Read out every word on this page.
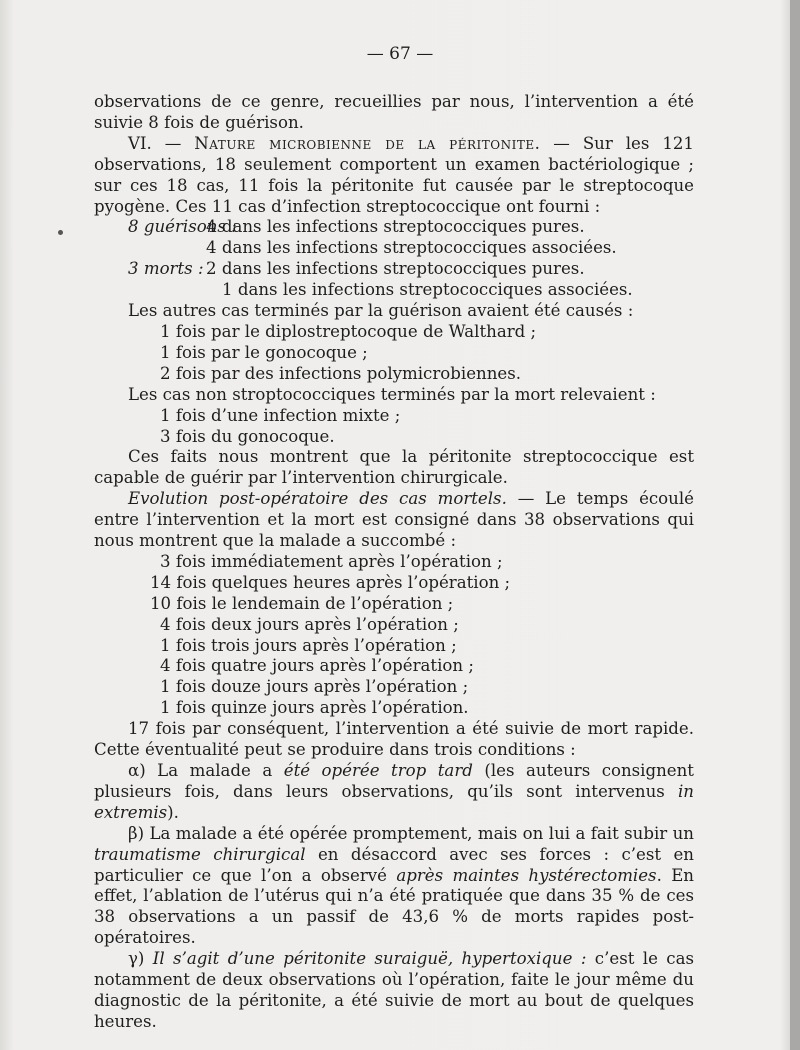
— 67 —

observations de ce genre, recueillies par nous, l’intervention a été suivie 8 fois de guérison.

VI. — Nature microbienne de la péritonite. — Sur les 121 observations, 18 seulement comportent un examen bactériologique ; sur ces 18 cas, 11 fois la péritonite fut causée par le streptocoque pyogène. Ces 11 cas d’infection streptococcique ont fourni :

8 guérisons :4 dans les infections streptococciques pures.

4 dans les infections streptococciques associées.

3 morts : 2 dans les infections streptococciques pures.

1 dans les infections streptococciques associées.

Les autres cas terminés par la guérison avaient été causés :

1 fois par le diplostreptocoque de Walthard ;

1 fois par le gonocoque ;

2 fois par des infections polymicrobiennes.

Les cas non stroptococciques terminés par la mort relevaient :

1 fois d’une infection mixte ;

3 fois du gonocoque.

Ces faits nous montrent que la péritonite streptococcique est capable de guérir par l’intervention chirurgicale.

Evolution post-opératoire des cas mortels. — Le temps écoulé entre l’intervention et la mort est consigné dans 38 observations qui nous montrent que la malade a succombé :

3 fois immédiatement après l’opération ;

14 fois quelques heures après l’opération ;

10 fois le lendemain de l’opération ;

4 fois deux jours après l’opération ;

1 fois trois jours après l’opération ;

4 fois quatre jours après l’opération ;

1 fois douze jours après l’opération ;

1 fois quinze jours après l’opération.

17 fois par conséquent, l’intervention a été suivie de mort rapide. Cette éventualité peut se produire dans trois conditions :

α) La malade a été opérée trop tard (les auteurs consignent plusieurs fois, dans leurs observations, qu’ils sont intervenus in extremis).

β) La malade a été opérée promptement, mais on lui a fait subir un traumatisme chirurgical en désaccord avec ses forces : c’est en particulier ce que l’on a observé après maintes hystérectomies. En effet, l’ablation de l’utérus qui n’a été pratiquée que dans 35 % de ces 38 observations a un passif de 43,6 % de morts rapides post-opératoires.

γ) Il s’agit d’une péritonite suraiguë, hypertoxique : c’est le cas notamment de deux observations où l’opération, faite le jour même du diagnostic de la péritonite, a été suivie de mort au bout de quelques heures.
